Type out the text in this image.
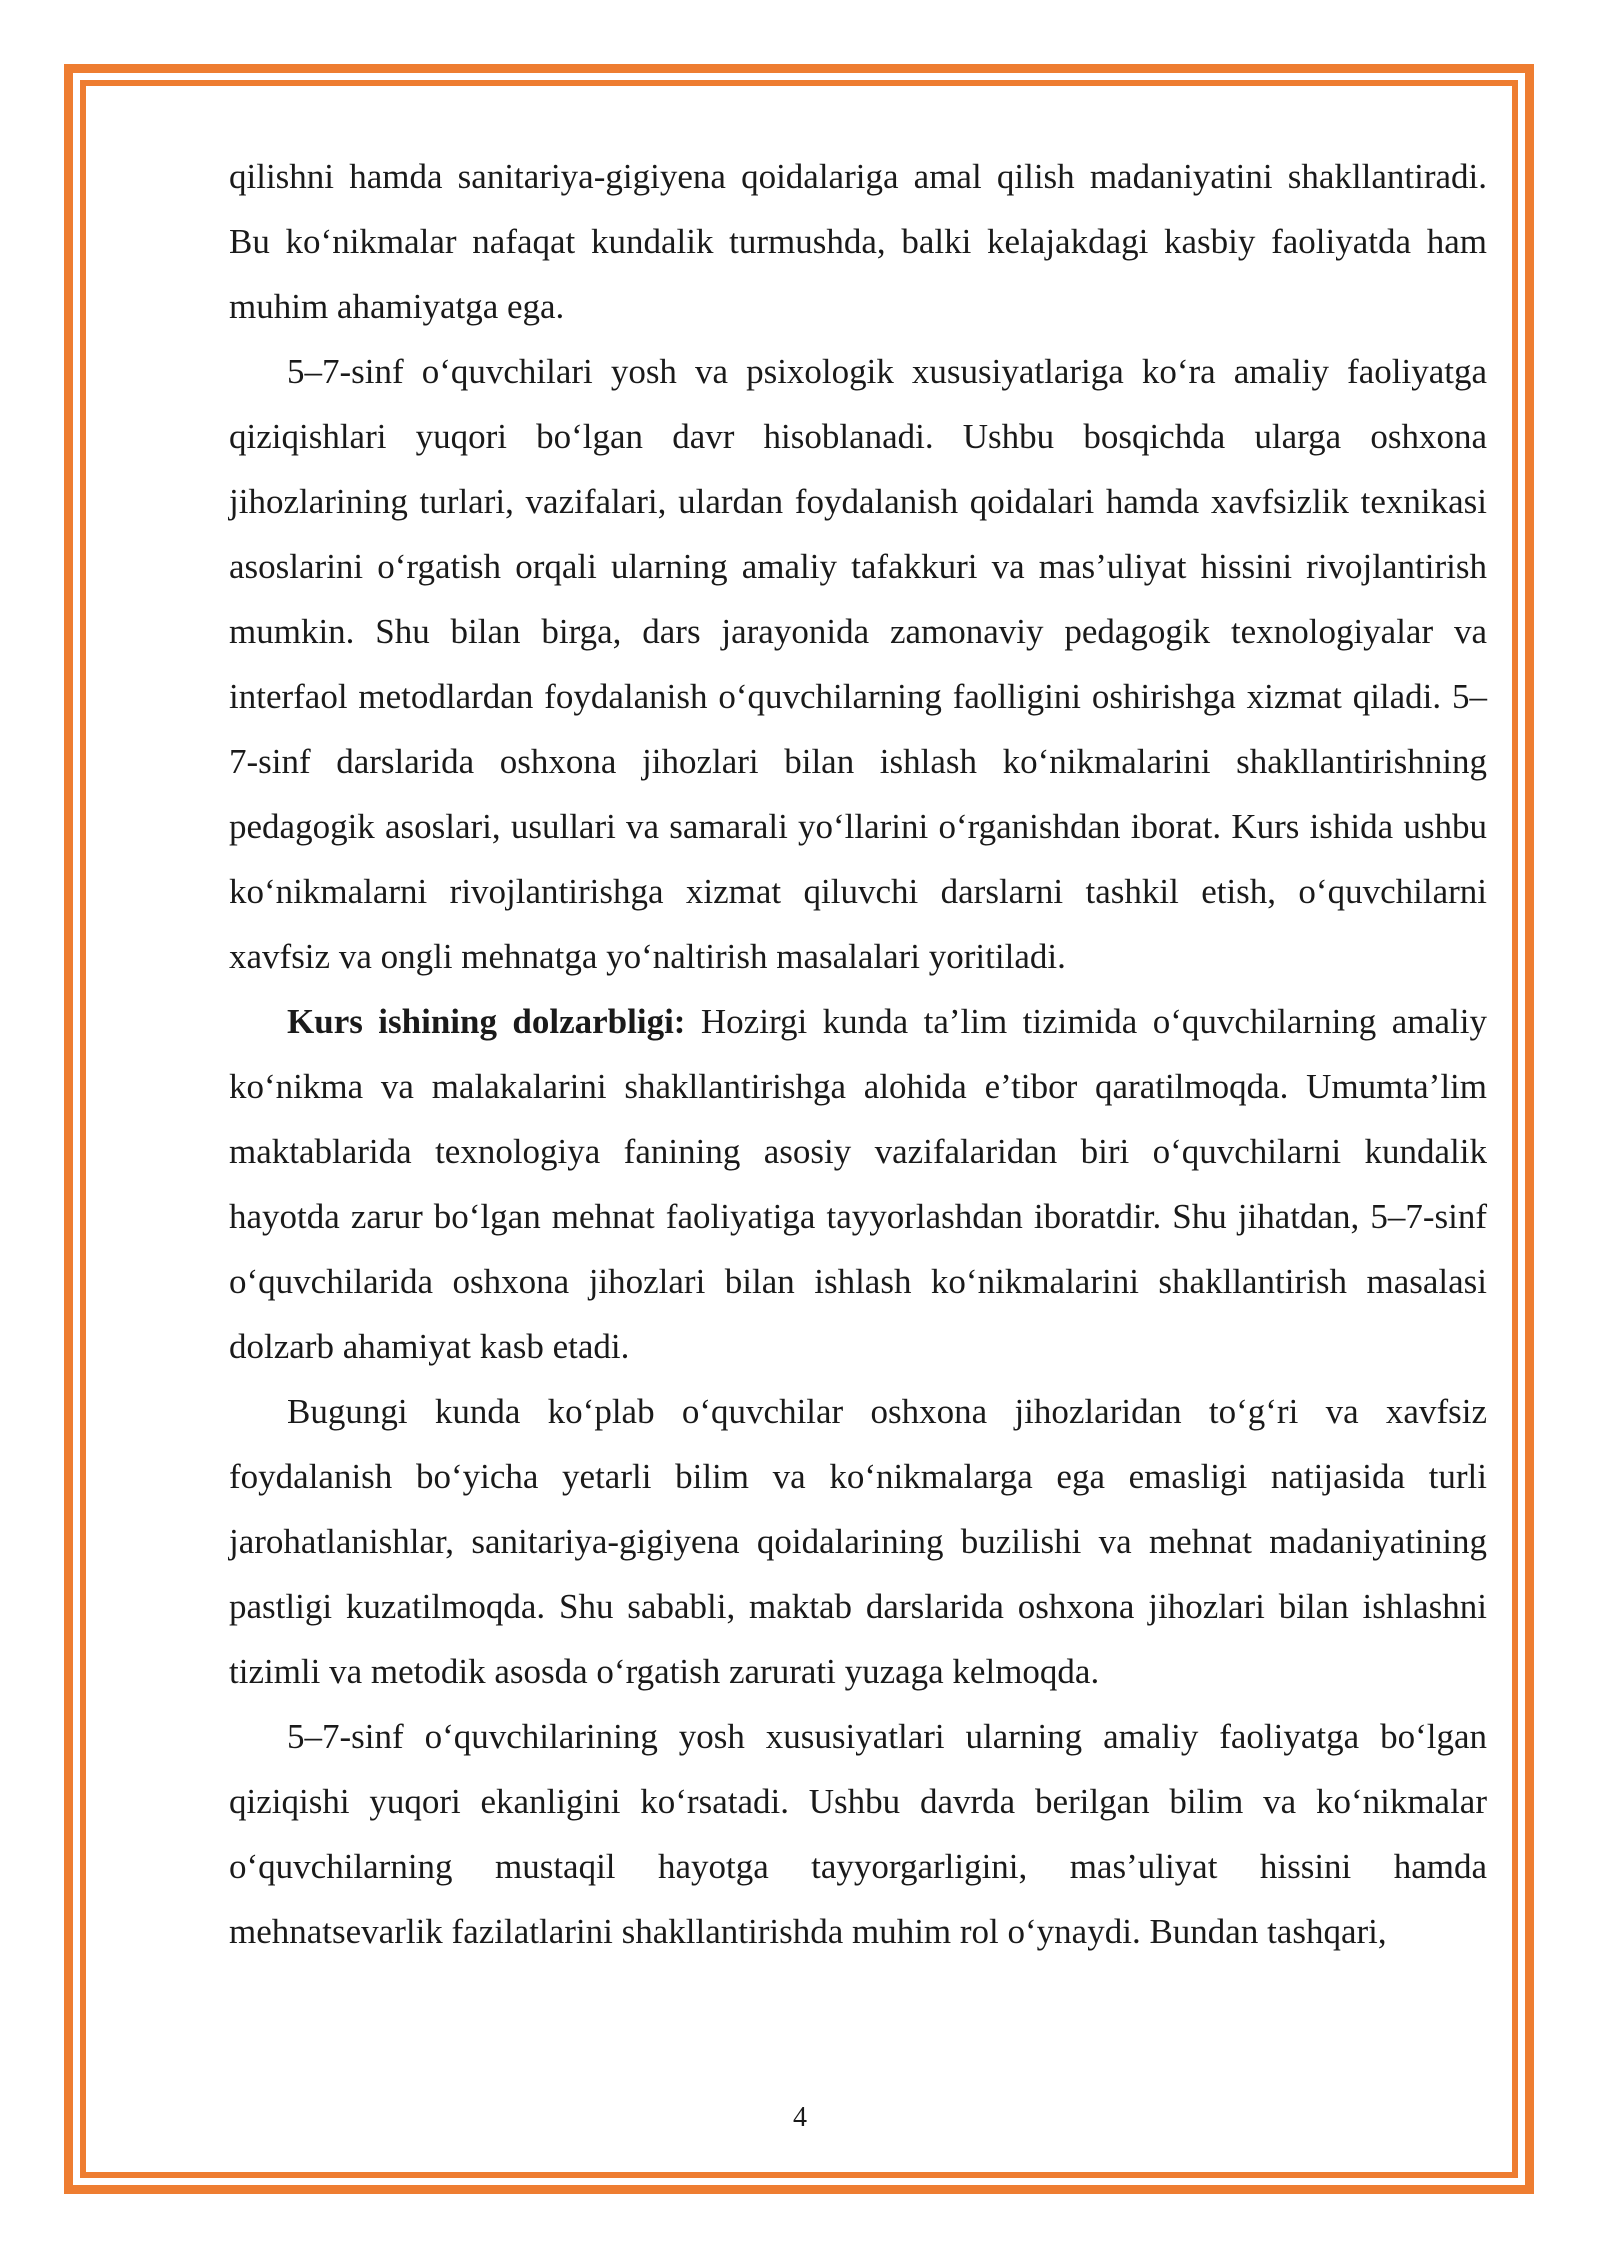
qilishni hamda sanitariya-gigiyena qoidalariga amal qilish madaniyatini shakllantiradi. Bu ko‘nikmalar nafaqat kundalik turmushda, balki kelajakdagi kasbiy faoliyatda ham muhim ahamiyatga ega.

5–7-sinf o‘quvchilari yosh va psixologik xususiyatlariga ko‘ra amaliy faoliyatga qiziqishlari yuqori bo‘lgan davr hisoblanadi. Ushbu bosqichda ularga oshxona jihozlarining turlari, vazifalari, ulardan foydalanish qoidalari hamda xavfsizlik texnikasi asoslarini o‘rgatish orqali ularning amaliy tafakkuri va mas’uliyat hissini rivojlantirish mumkin. Shu bilan birga, dars jarayonida zamonaviy pedagogik texnologiyalar va interfaol metodlardan foydalanish o‘quvchilarning faolligini oshirishga xizmat qiladi. 5–7-sinf darslarida oshxona jihozlari bilan ishlash ko‘nikmalarini shakllantirishning pedagogik asoslari, usullari va samarali yo‘llarini o‘rganishdan iborat. Kurs ishida ushbu ko‘nikmalarni rivojlantirishga xizmat qiluvchi darslarni tashkil etish, o‘quvchilarni xavfsiz va ongli mehnatga yo‘naltirish masalalari yoritiladi.

Kurs ishining dolzarbligi: Hozirgi kunda ta’lim tizimida o‘quvchilarning amaliy ko‘nikma va malakalarini shakllantirishga alohida e’tibor qaratilmoqda. Umumta’lim maktablarida texnologiya fanining asosiy vazifalaridan biri o‘quvchilarni kundalik hayotda zarur bo‘lgan mehnat faoliyatiga tayyorlashdan iboratdir. Shu jihatdan, 5–7-sinf o‘quvchilarida oshxona jihozlari bilan ishlash ko‘nikmalarini shakllantirish masalasi dolzarb ahamiyat kasb etadi.

Bugungi kunda ko‘plab o‘quvchilar oshxona jihozlaridan to‘g‘ri va xavfsiz foydalanish bo‘yicha yetarli bilim va ko‘nikmalarga ega emasligi natijasida turli jarohatlanishlar, sanitariya-gigiyena qoidalarining buzilishi va mehnat madaniyatining pastligi kuzatilmoqda. Shu sababli, maktab darslarida oshxona jihozlari bilan ishlashni tizimli va metodik asosda o‘rgatish zarurati yuzaga kelmoqda.

5–7-sinf o‘quvchilarining yosh xususiyatlari ularning amaliy faoliyatga bo‘lgan qiziqishi yuqori ekanligini ko‘rsatadi. Ushbu davrda berilgan bilim va ko‘nikmalar o‘quvchilarning mustaqil hayotga tayyorgarligini, mas’uliyat hissini hamda mehnatsevarlik fazilatlarini shakllantirishda muhim rol o‘ynaydi. Bundan tashqari,

4
